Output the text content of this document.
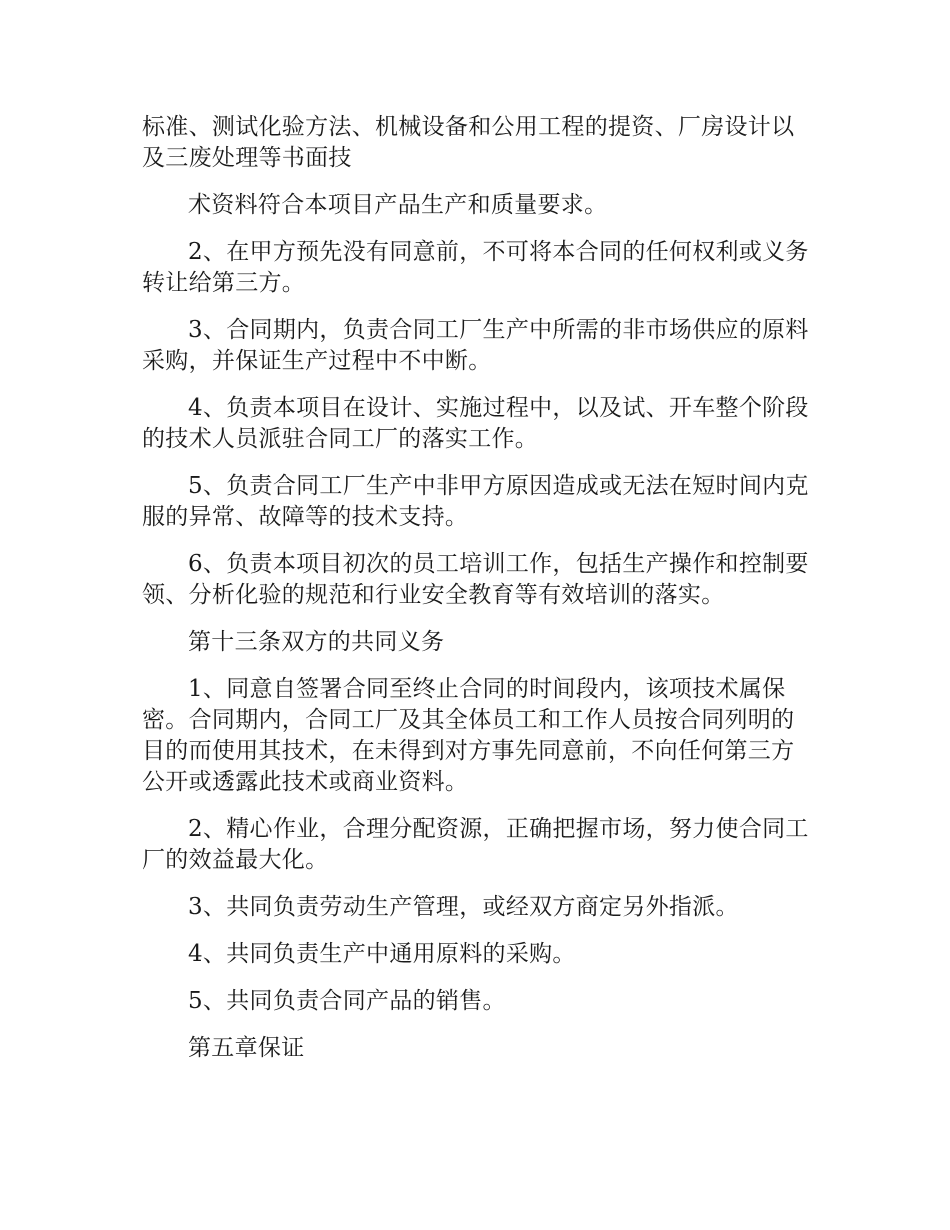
标准、测试化验方法、机械设备和公用工程的提资、厂房设计以及三废处理等书面技

术资料符合本项目产品生产和质量要求。

2、在甲方预先没有同意前，不可将本合同的任何权利或义务转让给第三方。

3、合同期内，负责合同工厂生产中所需的非市场供应的原料采购，并保证生产过程中不中断。

4、负责本项目在设计、实施过程中，以及试、开车整个阶段的技术人员派驻合同工厂的落实工作。

5、负责合同工厂生产中非甲方原因造成或无法在短时间内克服的异常、故障等的技术支持。

6、负责本项目初次的员工培训工作，包括生产操作和控制要领、分析化验的规范和行业安全教育等有效培训的落实。

第十三条双方的共同义务

1、同意自签署合同至终止合同的时间段内，该项技术属保密。合同期内，合同工厂及其全体员工和工作人员按合同列明的目的而使用其技术，在未得到对方事先同意前，不向任何第三方公开或透露此技术或商业资料。

2、精心作业，合理分配资源，正确把握市场，努力使合同工厂的效益最大化。

3、共同负责劳动生产管理，或经双方商定另外指派。

4、共同负责生产中通用原料的采购。

5、共同负责合同产品的销售。

第五章保证
